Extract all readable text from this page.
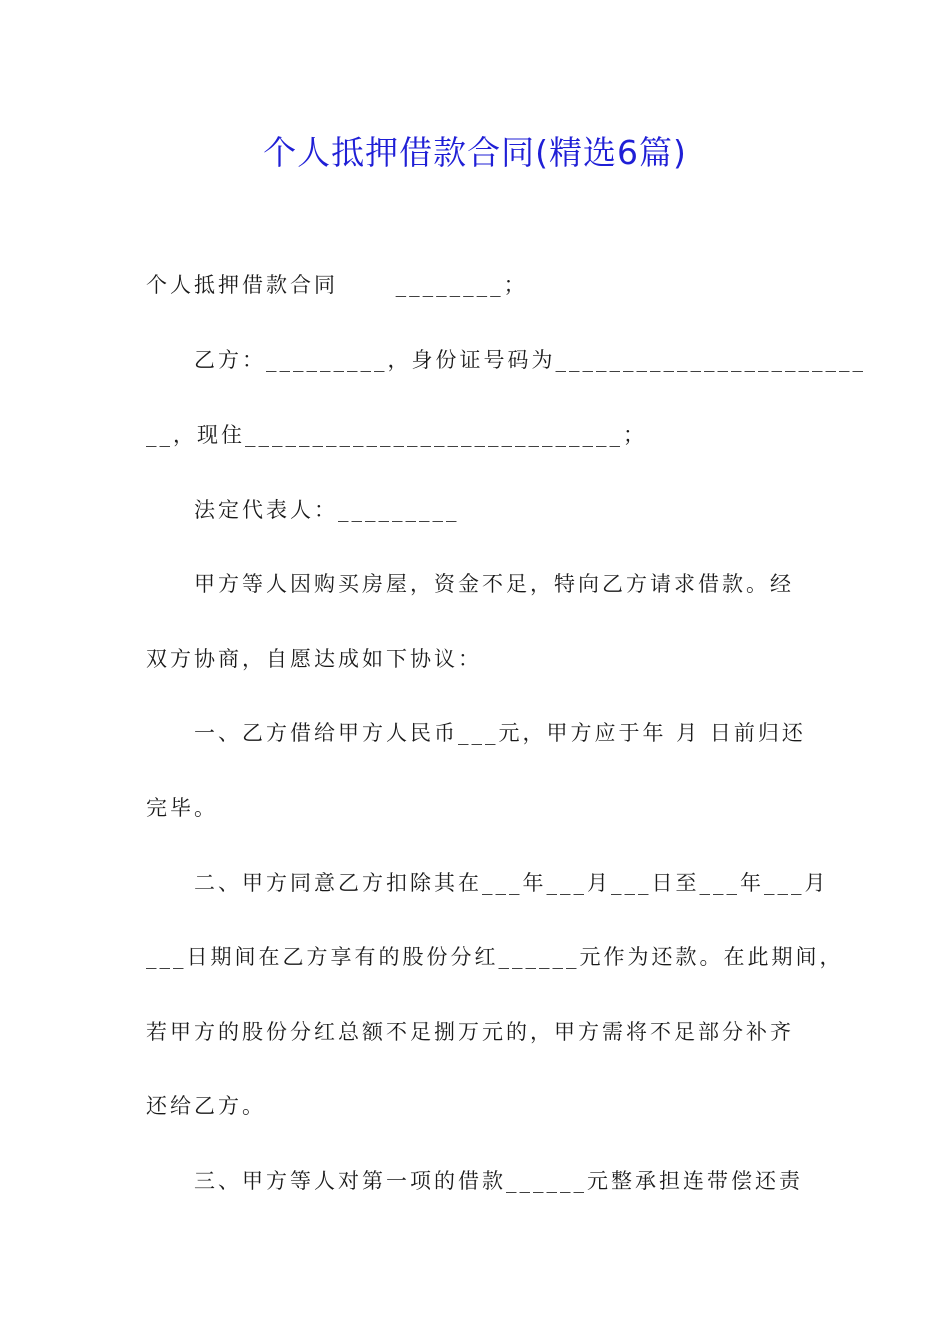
个人抵押借款合同(精选6篇)
个人抵押借款合同　　 ________；
乙方：_________，身份证号码为_______________________
__，现住____________________________；
法定代表人：_________
甲方等人因购买房屋，资金不足，特向乙方请求借款。经
双方协商，自愿达成如下协议：
一、乙方借给甲方人民币___元，甲方应于年 月 日前归还
完毕。
二、甲方同意乙方扣除其在___年___月___日至___年___月
___日期间在乙方享有的股份分红______元作为还款。在此期间，
若甲方的股份分红总额不足捌万元的，甲方需将不足部分补齐
还给乙方。
三、甲方等人对第一项的借款______元整承担连带偿还责
